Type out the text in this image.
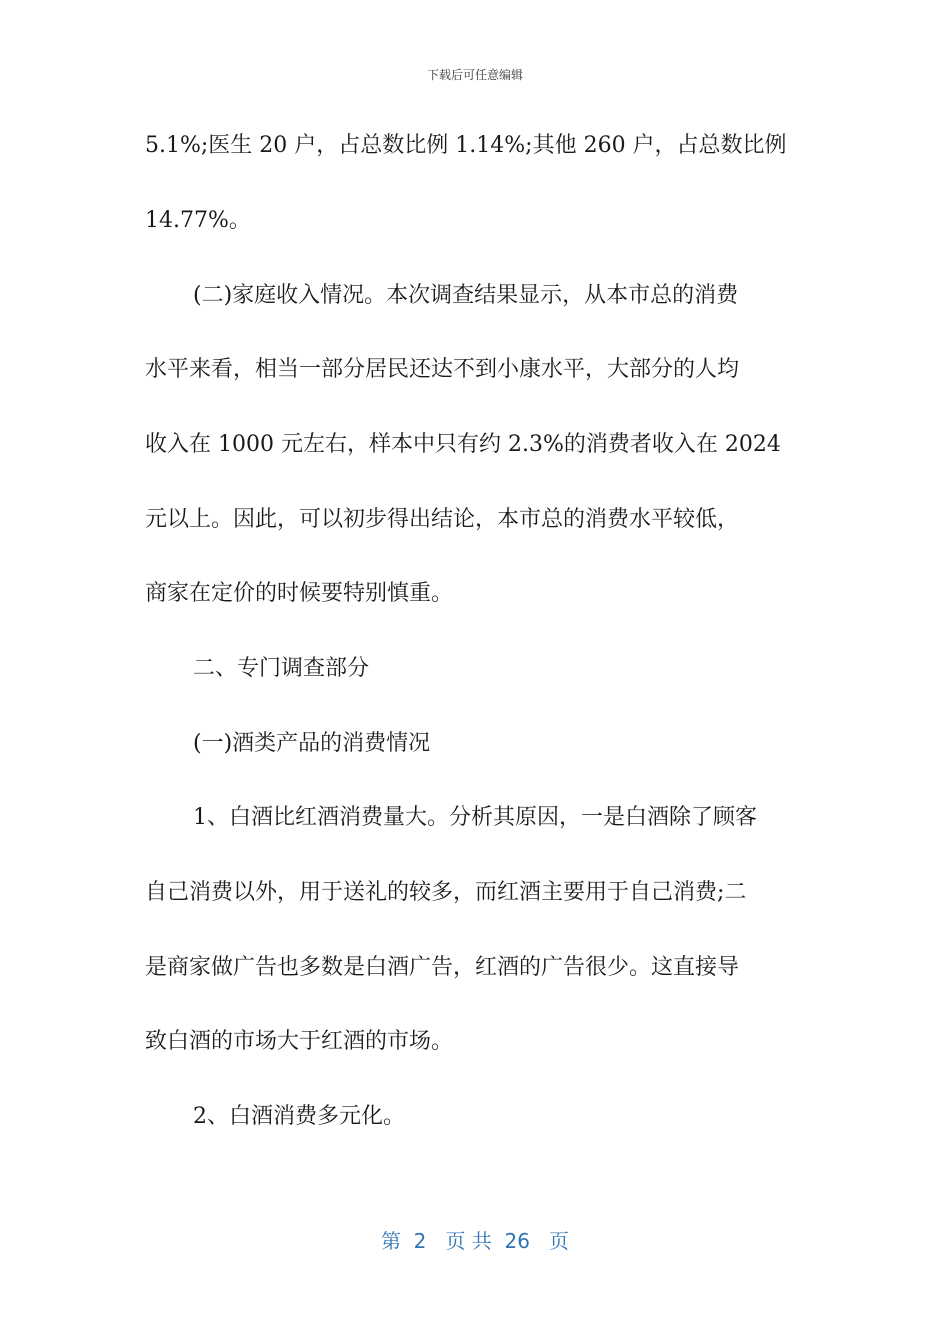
下载后可任意编辑
5.1%;医生 20 户，占总数比例 1.14%;其他 260 户，占总数比例
14.77%。
(二)家庭收入情况。本次调查结果显示，从本市总的消费
水平来看，相当一部分居民还达不到小康水平，大部分的人均
收入在 1000 元左右，样本中只有约 2.3%的消费者收入在 2024
元以上。因此，可以初步得出结论，本市总的消费水平较低，
商家在定价的时候要特别慎重。
二、专门调查部分
(一)酒类产品的消费情况
1、白酒比红酒消费量大。分析其原因，一是白酒除了顾客
自己消费以外，用于送礼的较多，而红酒主要用于自己消费;二
是商家做广告也多数是白酒广告，红酒的广告很少。这直接导
致白酒的市场大于红酒的市场。
2、白酒消费多元化。
第  2   页 共  26   页
